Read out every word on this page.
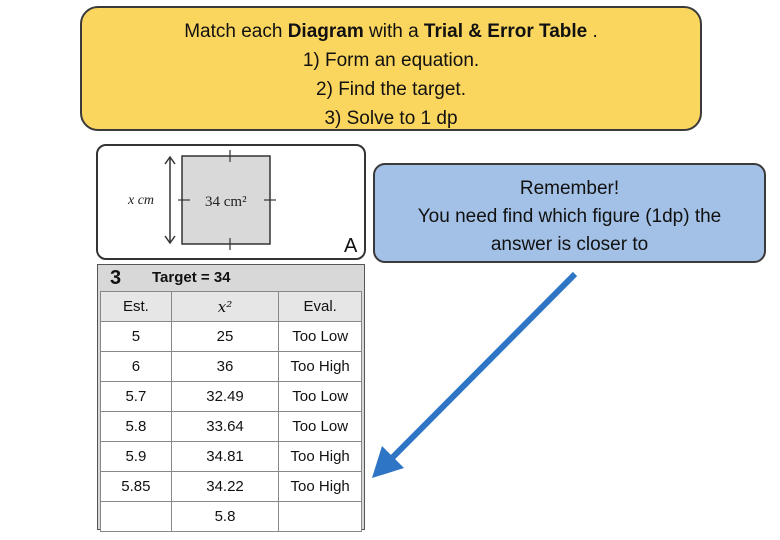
Match each Diagram with a Trial & Error Table .
1) Form an equation.
2) Find the target.
3) Solve to 1 dp
x cm	34 cm²
A
Remember!
You need find which figure (1dp) the
answer is closer to
3 Target = 34
Est.	x²	Eval.
5	25	Too Low
6	36	Too High
5.7	32.49	Too Low
5.8	33.64	Too Low
5.9	34.81	Too High
5.85	34.22	Too High
	5.8	
